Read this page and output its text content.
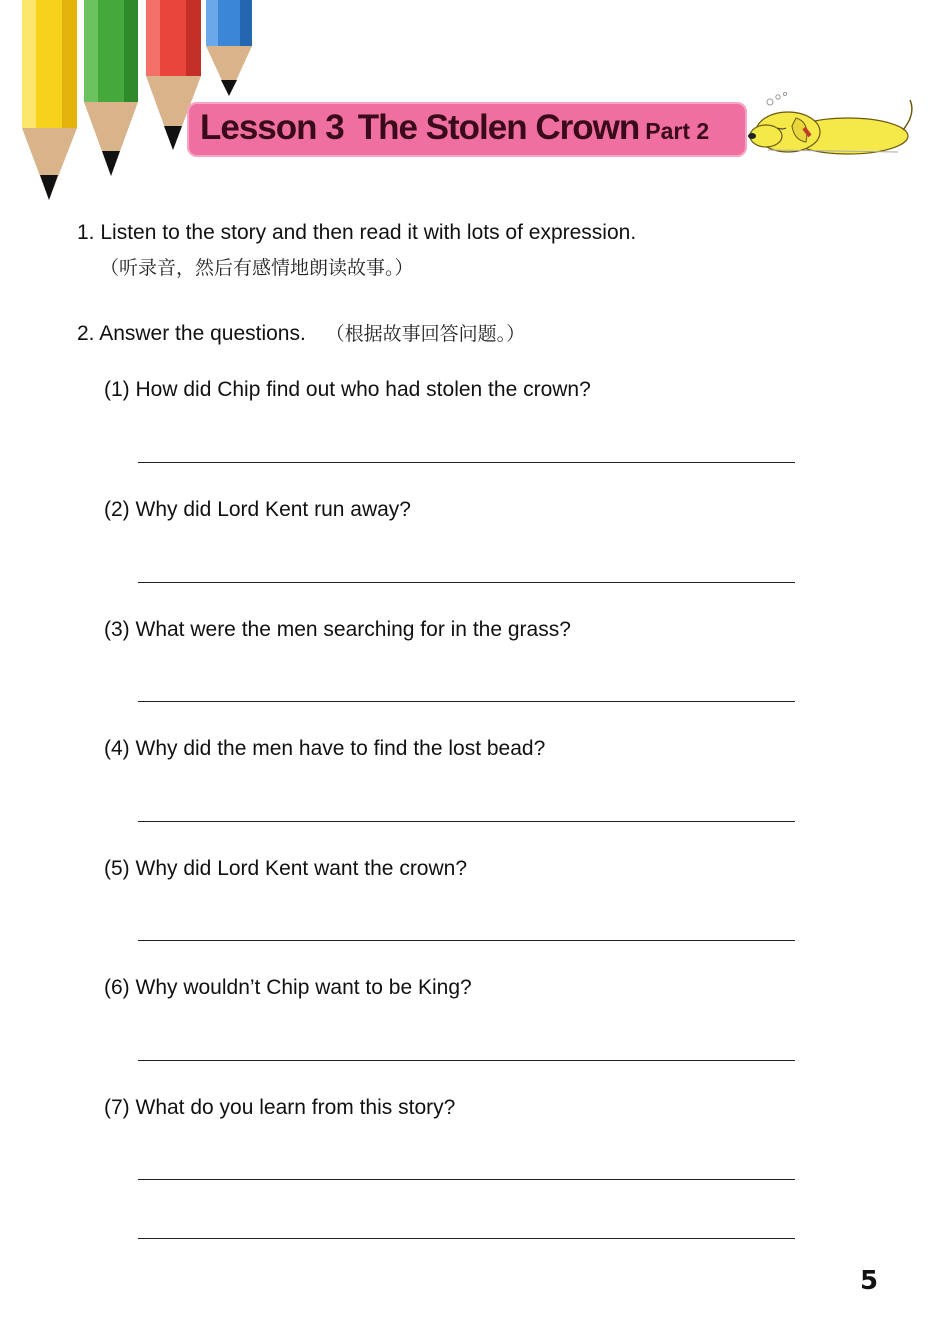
Lesson 3 The Stolen Crown Part 2
1. Listen to the story and then read it with lots of expression.
（听录音，然后有感情地朗读故事。）
2. Answer the questions. （根据故事回答问题。）
(1) How did Chip find out who had stolen the crown?
(2) Why did Lord Kent run away?
(3) What were the men searching for in the grass?
(4) Why did the men have to find the lost bead?
(5) Why did Lord Kent want the crown?
(6) Why wouldn’t Chip want to be King?
(7) What do you learn from this story?
5
